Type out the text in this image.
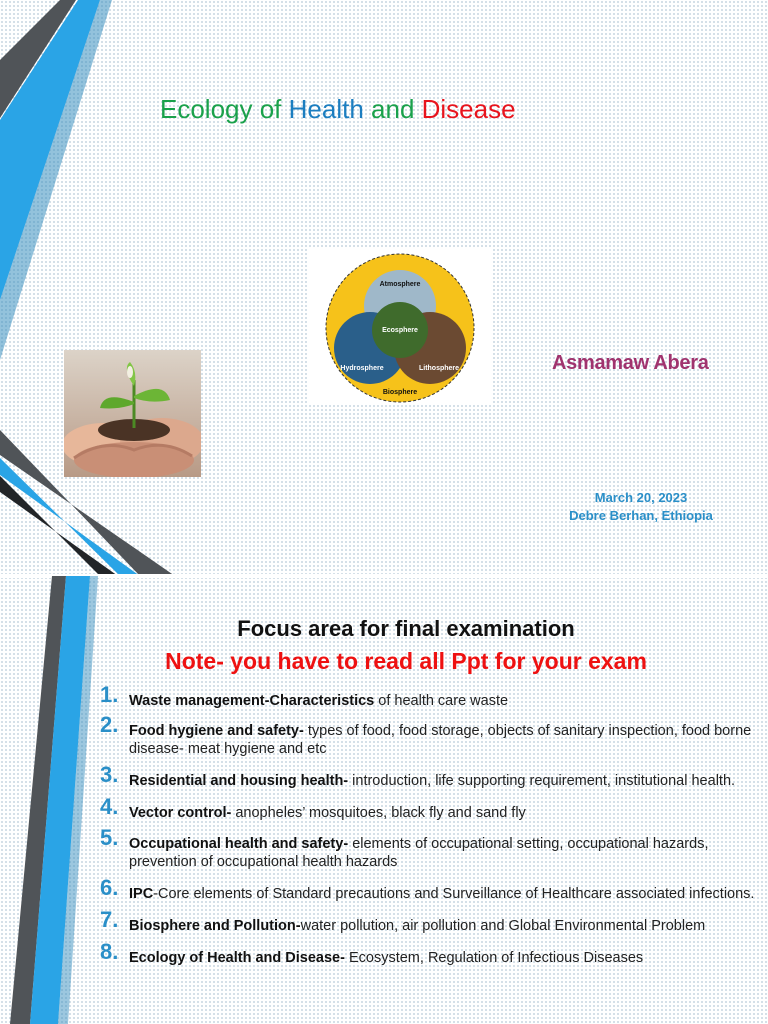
Ecology of Health and Disease
Atmosphere
Ecosphere
Hydrosphere	Lithosphere
Biosphere

Asmamaw Abera

March 20, 2023
Debre Berhan, Ethiopia
Focus area for final examination

Note- you have to read all Ppt for your exam

1. Waste management-Characteristics of health care waste
2. Food hygiene and safety- types of food, food storage, objects of sanitary inspection, food borne disease- meat hygiene and etc
3. Residential and housing health- introduction, life supporting requirement, institutional health.
4. Vector control- anopheles’ mosquitoes, black fly and sand fly
5. Occupational health and safety- elements of occupational setting, occupational hazards, prevention of occupational health hazards
6. IPC-Core elements of Standard precautions and Surveillance of Healthcare associated infections.
7. Biosphere and Pollution-water pollution, air pollution and Global Environmental Problem
8. Ecology of Health and Disease- Ecosystem, Regulation of Infectious Diseases
